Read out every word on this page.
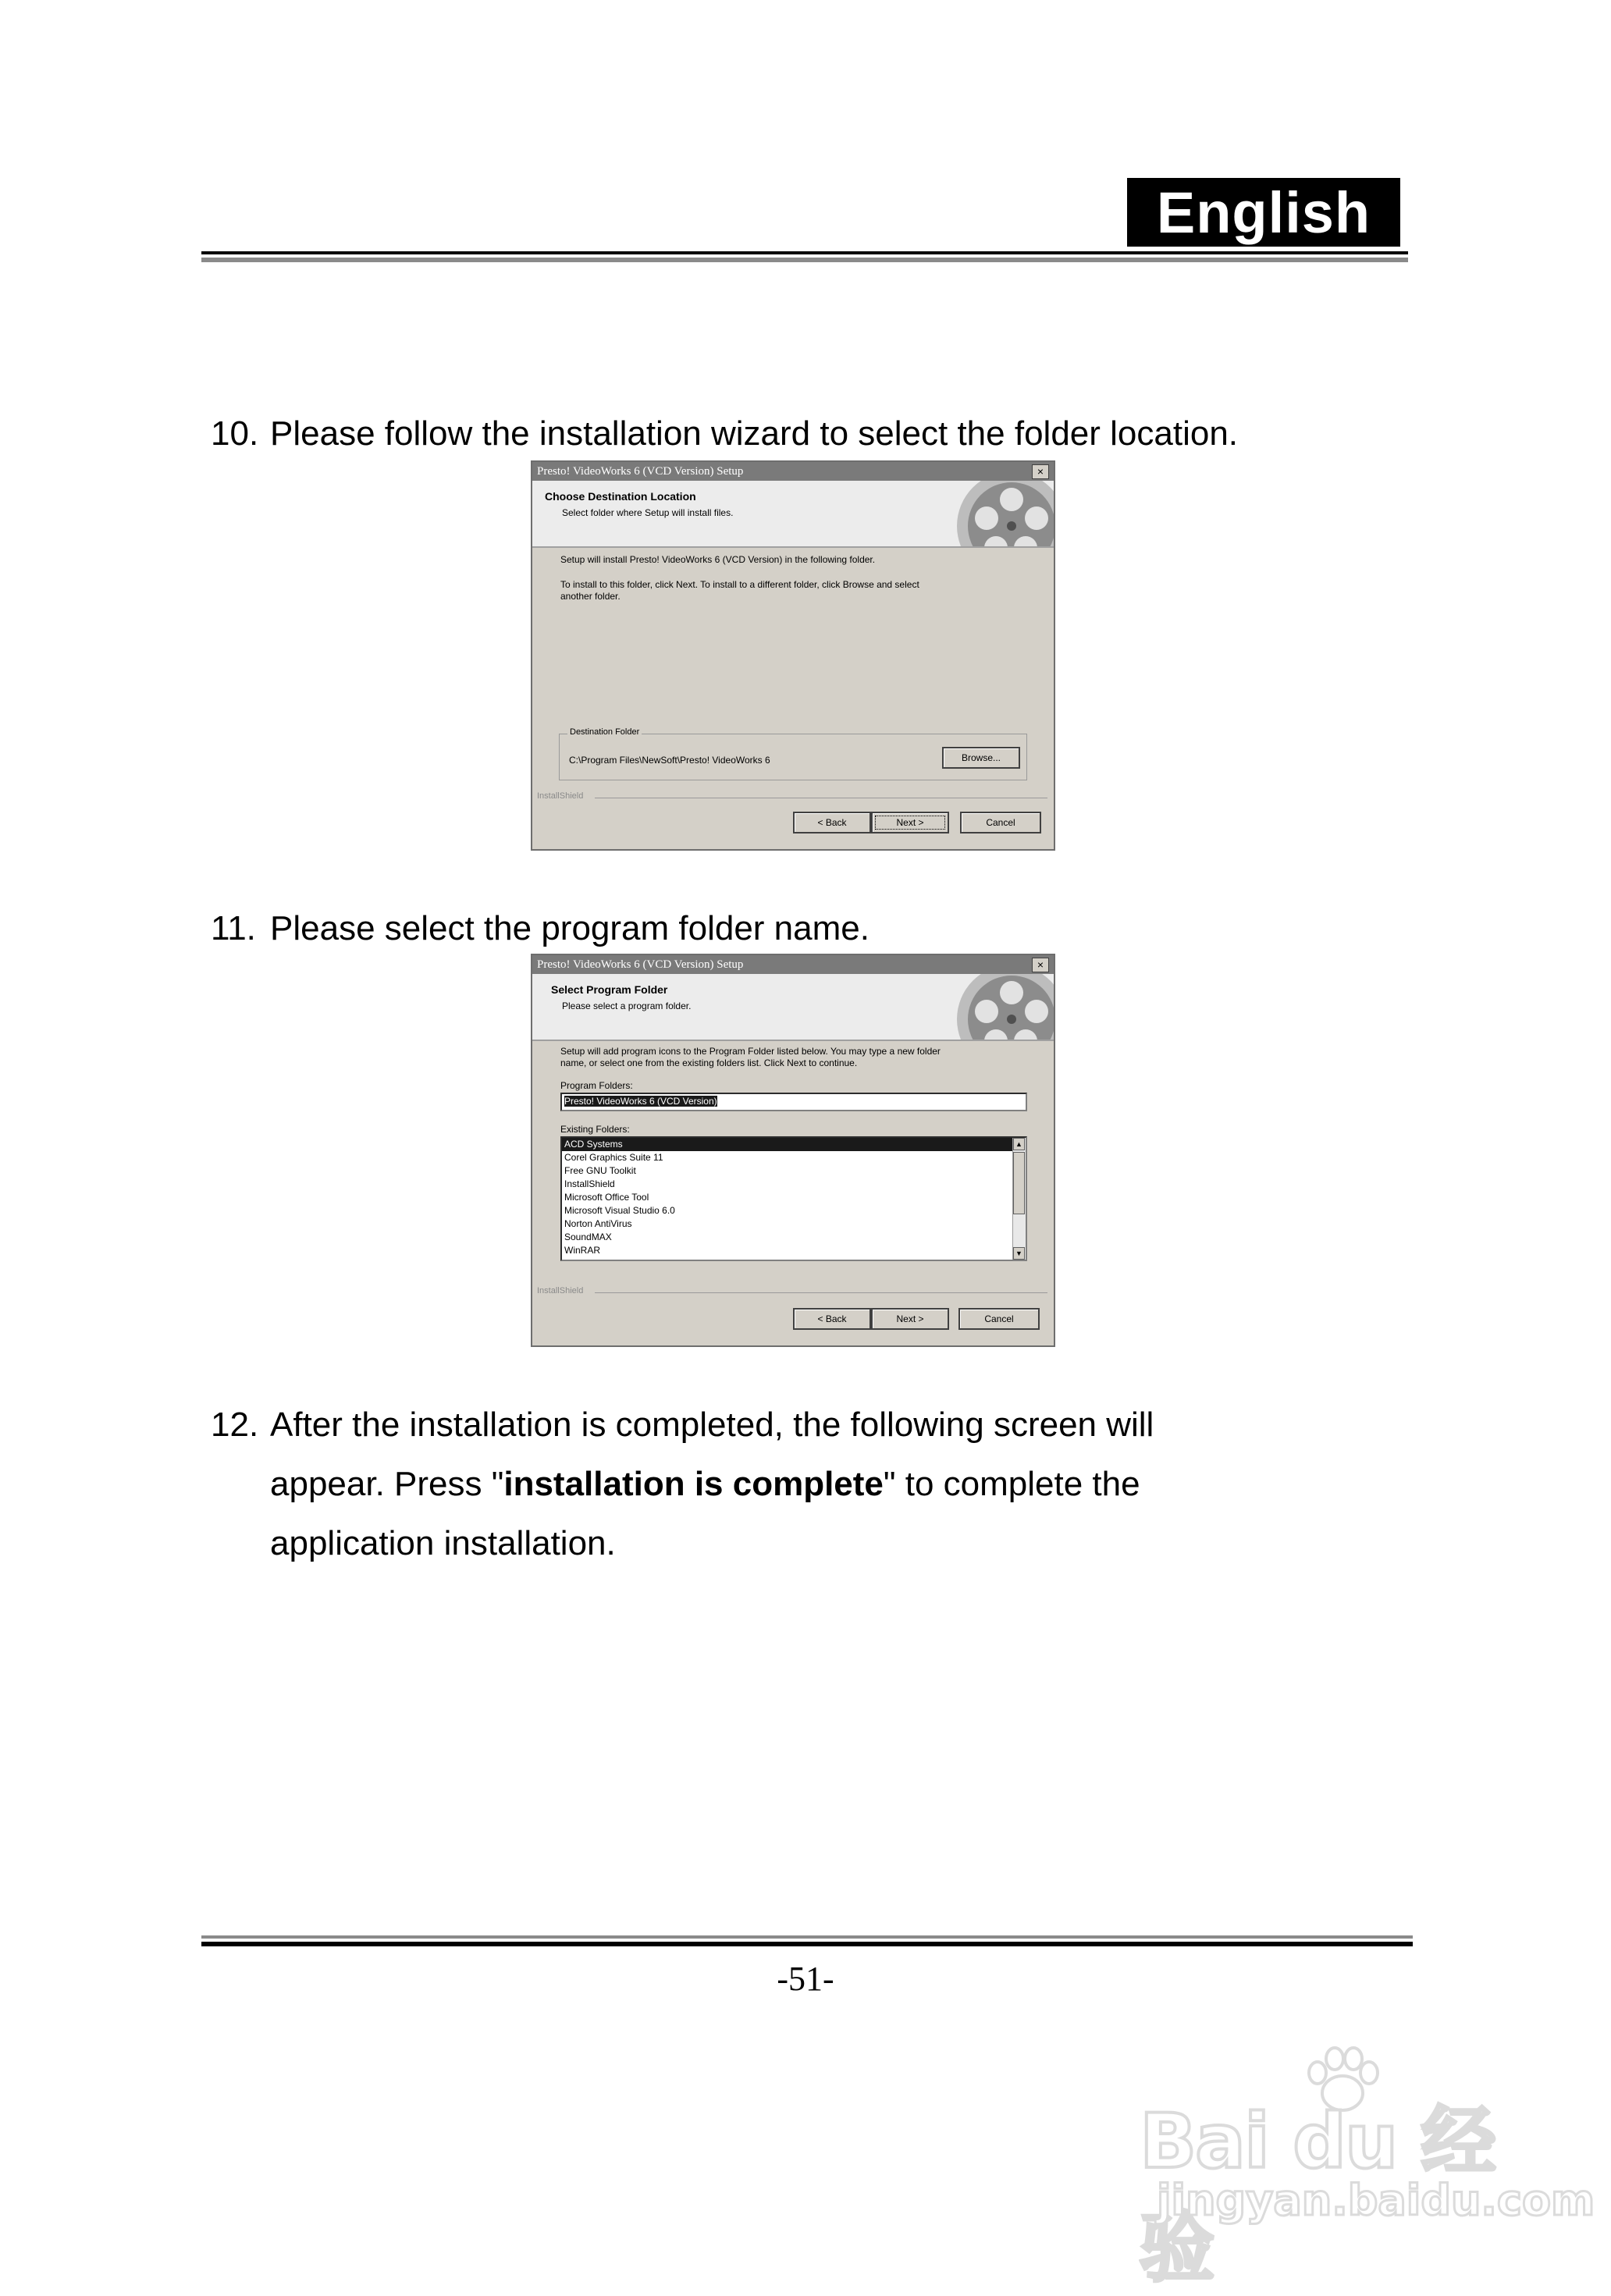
English
10. Please follow the installation wizard to select the folder location.
Presto! VideoWorks 6 (VCD Version) Setup	×
Choose Destination Location
Select folder where Setup will install files.
Setup will install Presto! VideoWorks 6 (VCD Version) in the following folder.
To install to this folder, click Next. To install to a different folder, click Browse and select
another folder.
Destination Folder
C:\Program Files\NewSoft\Presto! VideoWorks 6	Browse...
InstallShield
< Back	Next >	Cancel
11. Please select the program folder name.
Presto! VideoWorks 6 (VCD Version) Setup	×
Select Program Folder
Please select a program folder.
Setup will add program icons to the Program Folder listed below. You may type a new folder
name, or select one from the existing folders list. Click Next to continue.
Program Folders:
Presto! VideoWorks 6 (VCD Version)
Existing Folders:
ACD Systems
Corel Graphics Suite 11
Free GNU Toolkit
InstallShield
Microsoft Office Tool
Microsoft Visual Studio 6.0
Norton AntiVirus
SoundMAX
WinRAR
▲
▼
InstallShield
< Back	Next >	Cancel
12. After the installation is completed, the following screen will
appear. Press "installation is complete" to complete the
application installation.
-51-
Bai du 经验
jingyan.baidu.com
